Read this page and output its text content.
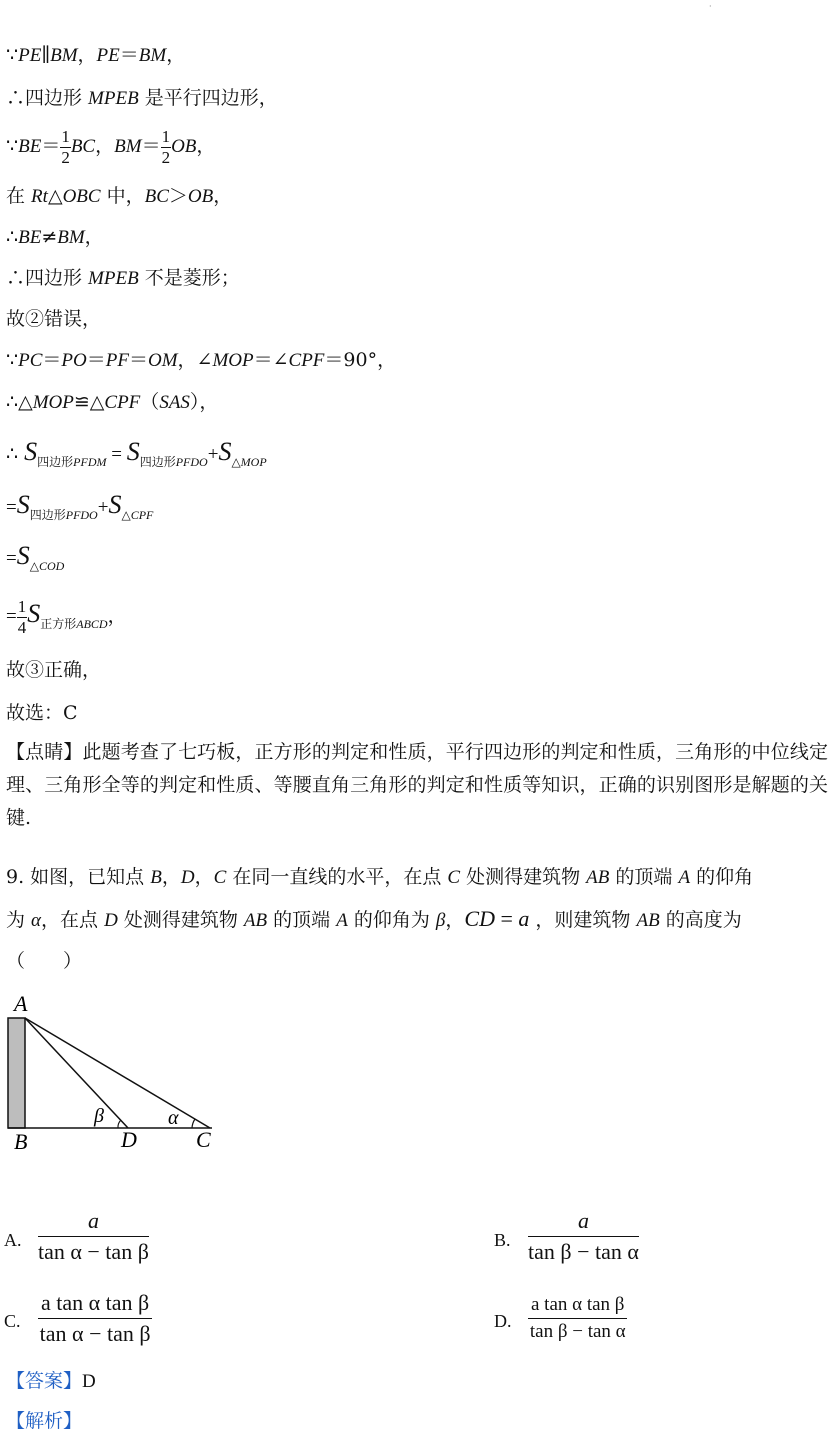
·
∵PE∥BM，PE＝BM，
∴四边形 MPEB 是平行四边形，
∵BE＝ $\frac{1}{2}$ BC，$BM= \frac{1}{2}$ OB，
在 Rt△OBC 中，BC＞OB，
∴BE≠BM，
∴四边形 MPEB 不是菱形；
故②错误，
∵PC＝PO＝PF＝OM，∠MOP＝∠CPF＝90°，
∴△MOP≌△CPF（SAS），
∴ $S_{四边形PFDM} = S_{四边形PFDO}+S_{\triangle MOP}$
$=S_{四边形PFDO}+S_{\triangle CPF}$
$=S_{\triangle COD}$
= $\frac{1}{4} S_{正方形ABCD}$，
故③正确，
故选：C
【点睛】此题考查了七巧板，正方形的判定和性质，平行四边形的判定和性质，三角形的中位线定理、三角形全等的判定和性质、等腰直角三角形的判定和性质等知识，正确的识别图形是解题的关键.
9. 如图，已知点 B，D，C 在同一直线的水平，在点 C 处测得建筑物 AB 的顶端 A 的仰角
为 α，在点 D 处测得建筑物 AB 的顶端 A 的仰角为 β，CD = a ，则建筑物 AB 的高度为
（　　）
A
B	D	C
β	α
A. $\frac{a}{\text{tan α − tan β}}$	B. $\frac{a}{\text{tan β − tan α}}$
C. $\frac{\text{a tan α tan β}}{\text{tan α − tan β}}$	D. $\frac{\text{a tan α tan β}}{\text{tan β − tan α}}$
【答案】D
【解析】
